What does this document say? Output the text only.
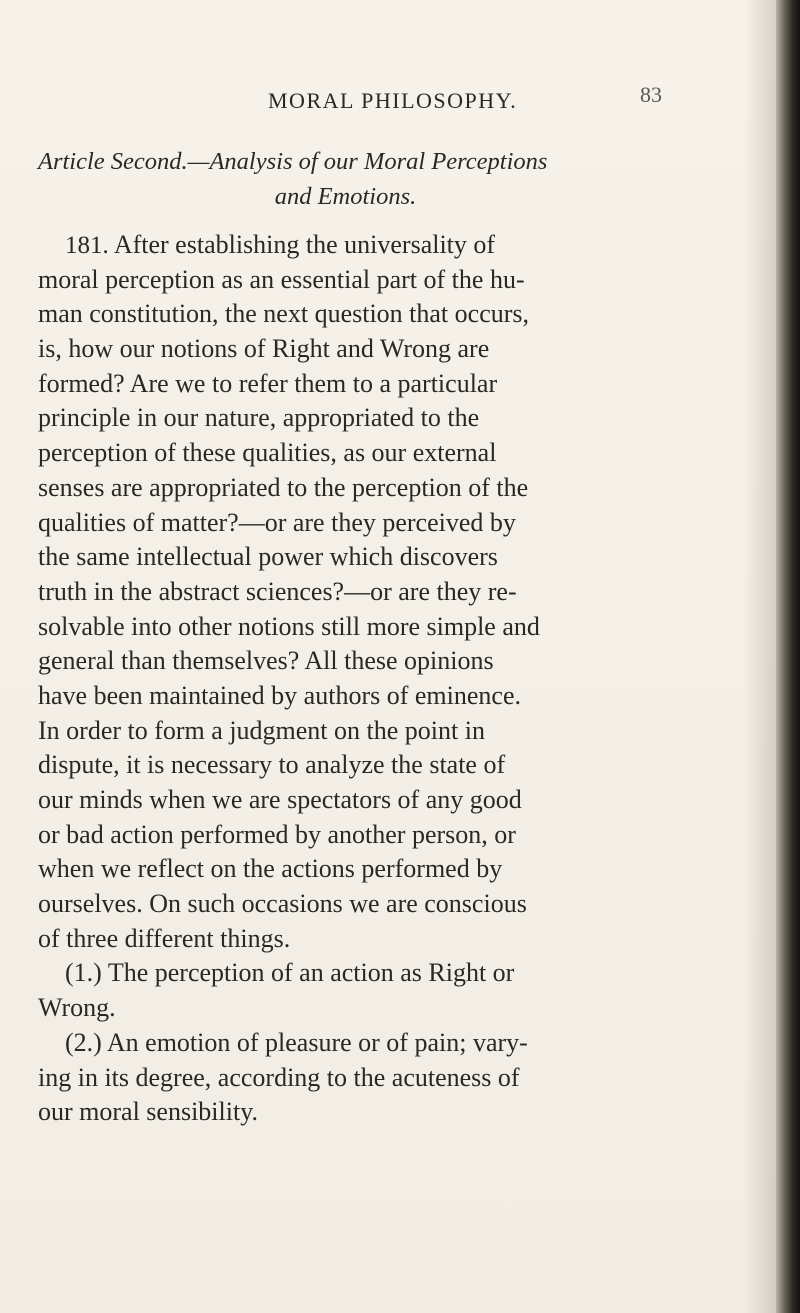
MORAL PHILOSOPHY.	83
Article Second.—Analysis of our Moral Perceptions
and Emotions.
181. After establishing the universality of
moral perception as an essential part of the hu-
man constitution, the next question that occurs,
is, how our notions of Right and Wrong are
formed? Are we to refer them to a particular
principle in our nature, appropriated to the
perception of these qualities, as our external
senses are appropriated to the perception of the
qualities of matter?—or are they perceived by
the same intellectual power which discovers
truth in the abstract sciences?—or are they re-
solvable into other notions still more simple and
general than themselves? All these opinions
have been maintained by authors of eminence.
In order to form a judgment on the point in
dispute, it is necessary to analyze the state of
our minds when we are spectators of any good
or bad action performed by another person, or
when we reflect on the actions performed by
ourselves. On such occasions we are conscious
of three different things.
(1.) The perception of an action as Right or
Wrong.
(2.) An emotion of pleasure or of pain; vary-
ing in its degree, according to the acuteness of
our moral sensibility.
